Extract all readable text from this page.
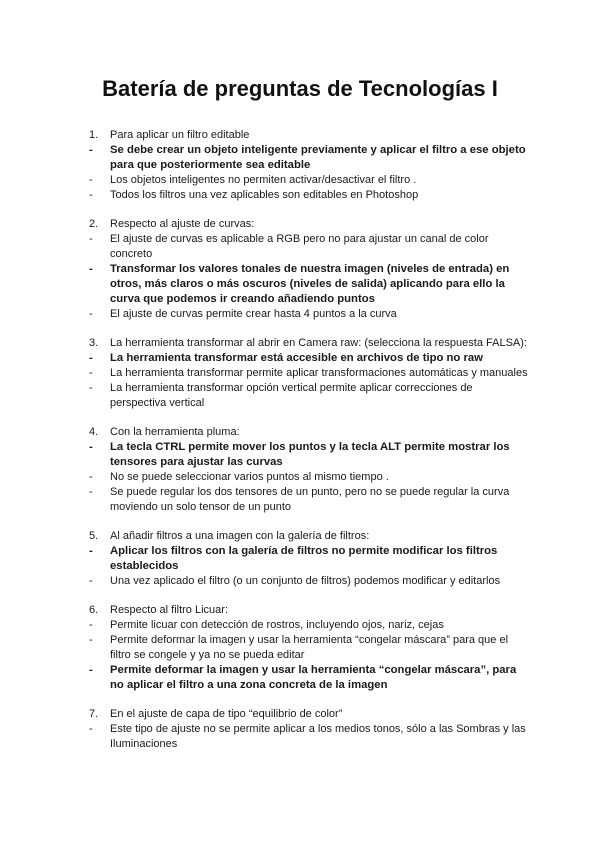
Batería de preguntas de Tecnologías I
1.	Para aplicar un filtro editable
-	Se debe crear un objeto inteligente previamente y aplicar el filtro a ese objeto para que posteriormente sea editable
-	Los objetos inteligentes no permiten activar/desactivar el filtro .
-	Todos los filtros una vez aplicables son editables en Photoshop
2.	Respecto al ajuste de curvas:
-	El ajuste de curvas es aplicable a RGB pero no para ajustar un canal de color concreto
-	Transformar los valores tonales de nuestra imagen (niveles de entrada) en otros, más claros o más oscuros (niveles de salida) aplicando para ello la curva que podemos ir creando añadiendo puntos
-	El ajuste de curvas permite crear hasta 4 puntos a la curva
3.	La herramienta transformar al abrir en Camera raw: (selecciona la respuesta FALSA):
-	La herramienta transformar está accesible en archivos de tipo no raw
-	La herramienta transformar permite aplicar transformaciones automáticas y manuales
-	La herramienta transformar opción vertical permite aplicar correcciones de perspectiva vertical
4.	Con la herramienta pluma:
-	La tecla CTRL permite mover los puntos y la tecla ALT permite mostrar los tensores para ajustar las curvas
-	No se puede seleccionar varios puntos al mismo tiempo .
-	Se puede regular los dos tensores de un punto, pero no se puede regular la curva moviendo un solo tensor de un punto
5.	Al añadir filtros a una imagen con la galería de filtros:
-	Aplicar los filtros con la galería de filtros no permite modificar los filtros establecidos
-	Una vez aplicado el filtro (o un conjunto de filtros) podemos modificar y editarlos
6.	Respecto al filtro Licuar:
-	Permite licuar con detección de rostros, incluyendo ojos, nariz, cejas
-	Permite deformar la imagen y usar la herramienta “congelar máscara” para que el filtro se congele y ya no se pueda editar
-	Permite deformar la imagen y usar la herramienta “congelar máscara”, para no aplicar el filtro a una zona concreta de la imagen
7.	En el ajuste de capa de tipo “equilibrio de color”
-	Este tipo de ajuste no se permite aplicar a los medios tonos, sólo a las Sombras y las Iluminaciones
